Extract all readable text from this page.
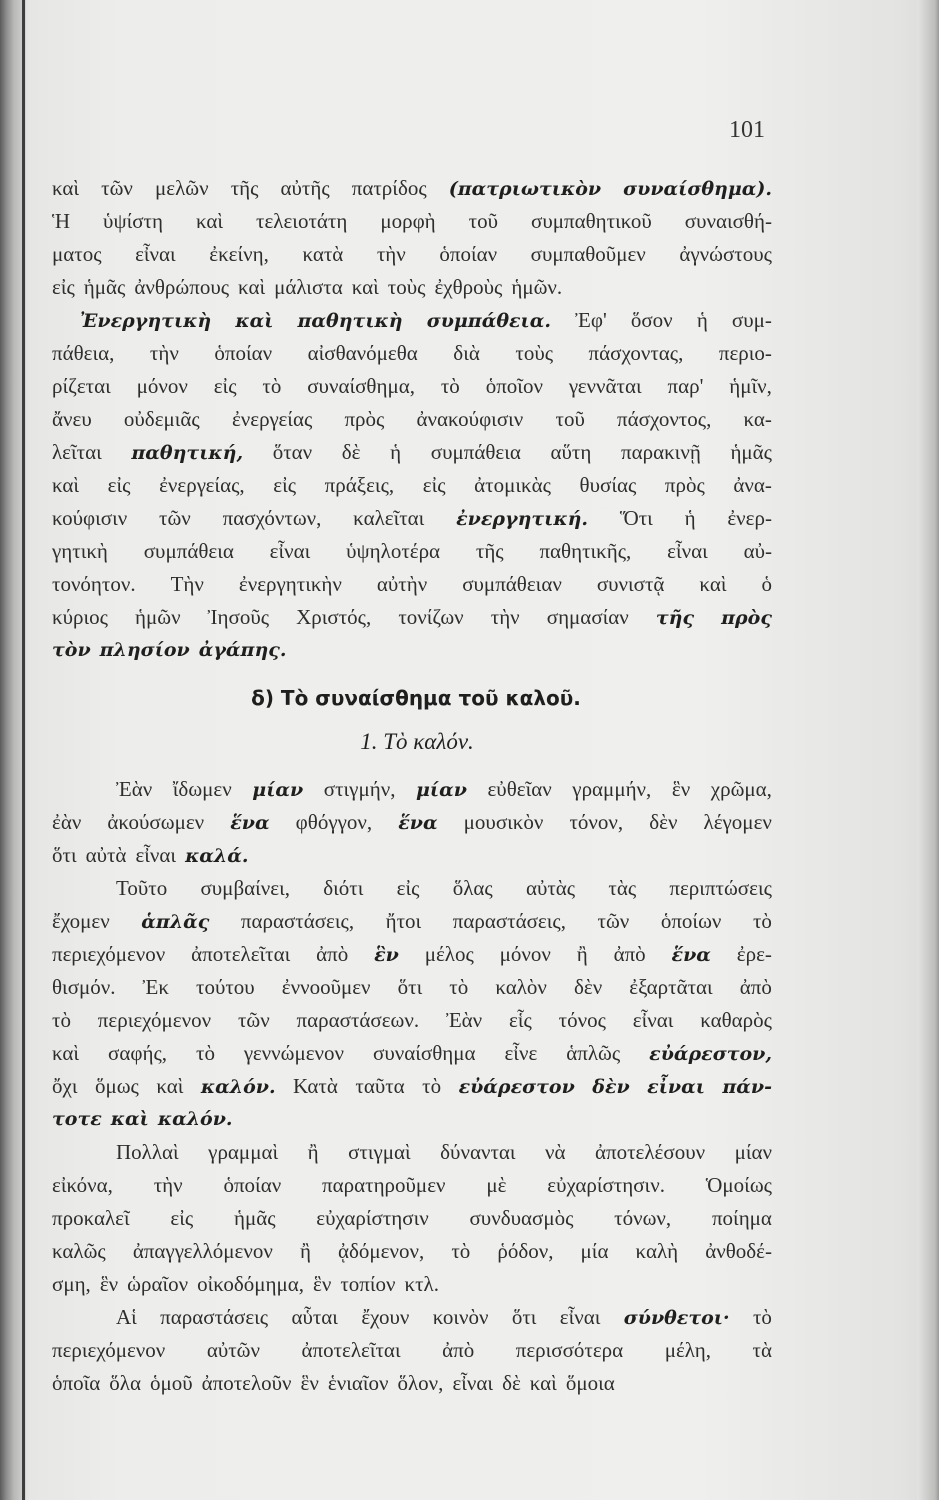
101
καὶ τῶν μελῶν τῆς αὐτῆς πατρίδος (πατριωτικὸν συναίσθημα).
Ἡ ὑψίστη καὶ τελειοτάτη μορφὴ τοῦ συμπαθητικοῦ συναισθή-
ματος εἶναι ἐκείνη, κατὰ τὴν ὁποίαν συμπαθοῦμεν ἀγνώστους
εἰς ἡμᾶς ἀνθρώπους καὶ μάλιστα καὶ τοὺς ἐχθροὺς ἡμῶν.
Ἐνεργητικὴ καὶ παθητικὴ συμπάθεια. Ἐφ' ὅσον ἡ συμ-
πάθεια, τὴν ὁποίαν αἰσθανόμεθα διὰ τοὺς πάσχοντας, περιο-
ρίζεται μόνον εἰς τὸ συναίσθημα, τὸ ὁποῖον γεννᾶται παρ' ἡμῖν,
ἄνευ οὐδεμιᾶς ἐνεργείας πρὸς ἀνακούφισιν τοῦ πάσχοντος, κα-
λεῖται παθητική, ὅταν δὲ ἡ συμπάθεια αὕτη παρακινῇ ἡμᾶς
καὶ εἰς ἐνεργείας, εἰς πράξεις, εἰς ἀτομικὰς θυσίας πρὸς ἀνα-
κούφισιν τῶν πασχόντων, καλεῖται ἐνεργητική. Ὅτι ἡ ἐνερ-
γητικὴ συμπάθεια εἶναι ὑψηλοτέρα τῆς παθητικῆς, εἶναι αὐ-
τονόητον. Τὴν ἐνεργητικὴν αὐτὴν συμπάθειαν συνιστᾷ καὶ ὁ
κύριος ἡμῶν Ἰησοῦς Χριστός, τονίζων τὴν σημασίαν τῆς πρὸς
τὸν πλησίον ἀγάπης.
δ) Τὸ συναίσθημα τοῦ καλοῦ.
1. Τὸ καλόν.
Ἐὰν ἴδωμεν μίαν στιγμήν, μίαν εὐθεῖαν γραμμήν, ἓν χρῶμα,
ἐὰν ἀκούσωμεν ἕνα φθόγγον, ἕνα μουσικὸν τόνον, δὲν λέγομεν
ὅτι αὐτὰ εἶναι καλά.
Τοῦτο συμβαίνει, διότι εἰς ὅλας αὐτὰς τὰς περιπτώσεις
ἔχομεν ἁπλᾶς παραστάσεις, ἤτοι παραστάσεις, τῶν ὁποίων τὸ
περιεχόμενον ἀποτελεῖται ἀπὸ ἓν μέλος μόνον ἢ ἀπὸ ἕνα ἐρε-
θισμόν. Ἐκ τούτου ἐννοοῦμεν ὅτι τὸ καλὸν δὲν ἐξαρτᾶται ἀπὸ
τὸ περιεχόμενον τῶν παραστάσεων. Ἐὰν εἷς τόνος εἶναι καθαρὸς
καὶ σαφής, τὸ γεννώμενον συναίσθημα εἶνε ἁπλῶς εὐάρεστον,
ὄχι ὅμως καὶ καλόν. Κατὰ ταῦτα τὸ εὐάρεστον δὲν εἶναι πάν-
τοτε καὶ καλόν.
Πολλαὶ γραμμαὶ ἢ στιγμαὶ δύνανται νὰ ἀποτελέσουν μίαν
εἰκόνα, τὴν ὁποίαν παρατηροῦμεν μὲ εὐχαρίστησιν. Ὁμοίως
προκαλεῖ εἰς ἡμᾶς εὐχαρίστησιν συνδυασμὸς τόνων, ποίημα
καλῶς ἀπαγγελλόμενον ἢ ᾀδόμενον, τὸ ῥόδον, μία καλὴ ἀνθοδέ-
σμη, ἓν ὡραῖον οἰκοδόμημα, ἓν τοπίον κτλ.
Αἱ παραστάσεις αὗται ἔχουν κοινὸν ὅτι εἶναι σύνθετοι· τὸ
περιεχόμενον αὐτῶν ἀποτελεῖται ἀπὸ περισσότερα μέλη, τὰ
ὁποῖα ὅλα ὁμοῦ ἀποτελοῦν ἓν ἑνιαῖον ὅλον, εἶναι δὲ καὶ ὅμοια
